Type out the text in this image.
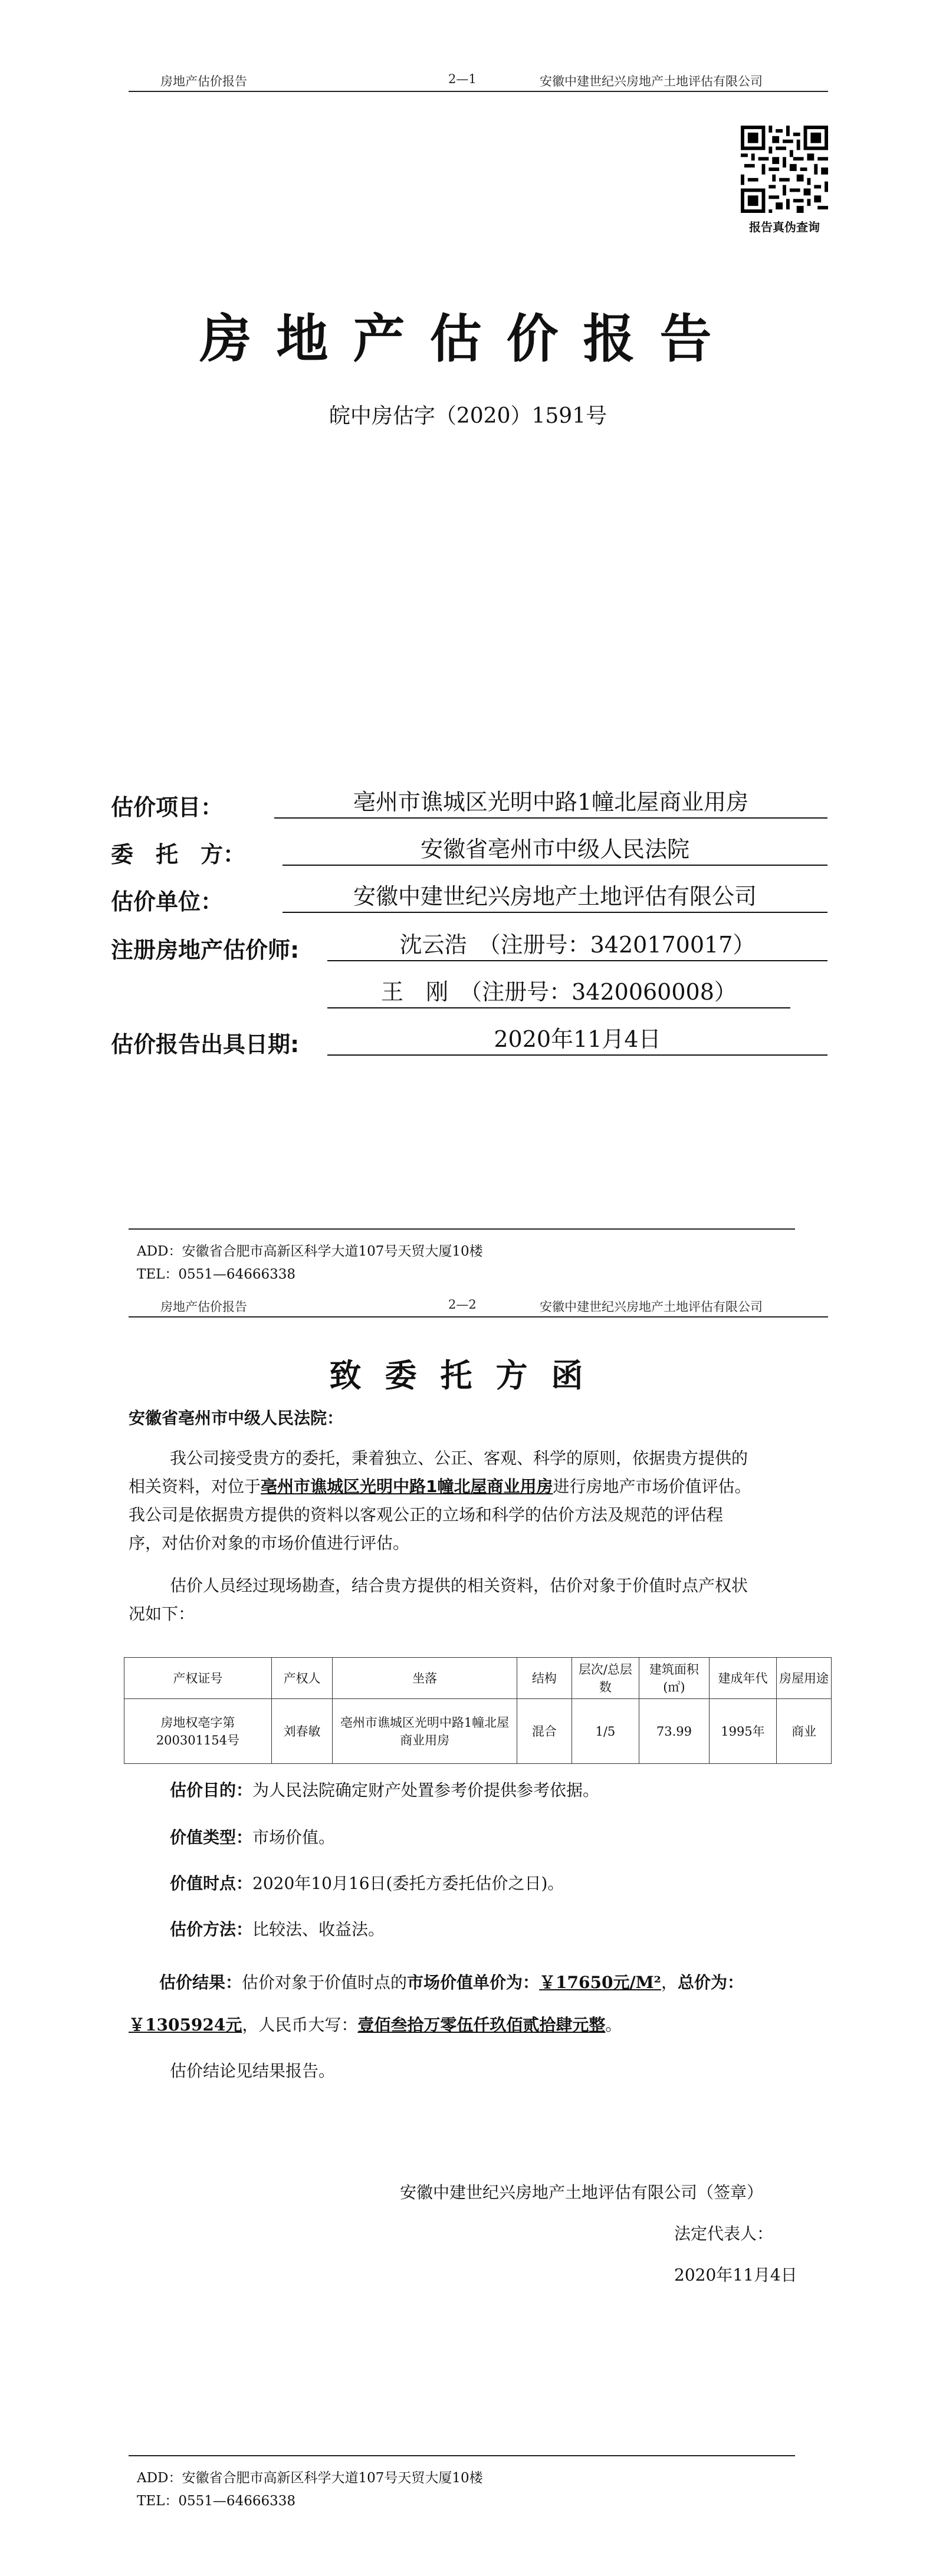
房地产估价报告	2—1	安徽中建世纪兴房地产土地评估有限公司
报告真伪查询
房地产估价报告
皖中房估字（2020）1591号
估价项目：	亳州市谯城区光明中路1幢北屋商业用房
委　托　方：	安徽省亳州市中级人民法院
估价单位：	安徽中建世纪兴房地产土地评估有限公司
注册房地产估价师:	沈云浩　（注册号：3420170017）
王　刚　（注册号：3420060008）
估价报告出具日期:	2020年11月4日
ADD：安徽省合肥市高新区科学大道107号天贸大厦10楼
TEL：0551—64666338
房地产估价报告	2—2	安徽中建世纪兴房地产土地评估有限公司
致委托方函
安徽省亳州市中级人民法院：
我公司接受贵方的委托，秉着独立、公正、客观、科学的原则，依据贵方提供的
相关资料，对位于亳州市谯城区光明中路1幢北屋商业用房进行房地产市场价值评估。
我公司是依据贵方提供的资料以客观公正的立场和科学的估价方法及规范的评估程
序，对估价对象的市场价值进行评估。
估价人员经过现场勘查，结合贵方提供的相关资料，估价对象于价值时点产权状
况如下：
产权证号	产权人	坐落	结构	层次/总层数	建筑面积(㎡)	建成年代	房屋用途
房地权亳字第200301154号	刘春敏	亳州市谯城区光明中路1幢北屋商业用房	混合	1/5	73.99	1995年	商业
估价目的：为人民法院确定财产处置参考价提供参考依据。
价值类型：市场价值。
价值时点：2020年10月16日(委托方委托估价之日)。
估价方法：比较法、收益法。
估价结果：估价对象于价值时点的市场价值单价为：￥17650元/M²，总价为：
￥1305924元，人民币大写：壹佰叁拾万零伍仟玖佰贰拾肆元整。
估价结论见结果报告。
安徽中建世纪兴房地产土地评估有限公司（签章）
法定代表人：
2020年11月4日
ADD：安徽省合肥市高新区科学大道107号天贸大厦10楼
TEL：0551—64666338
